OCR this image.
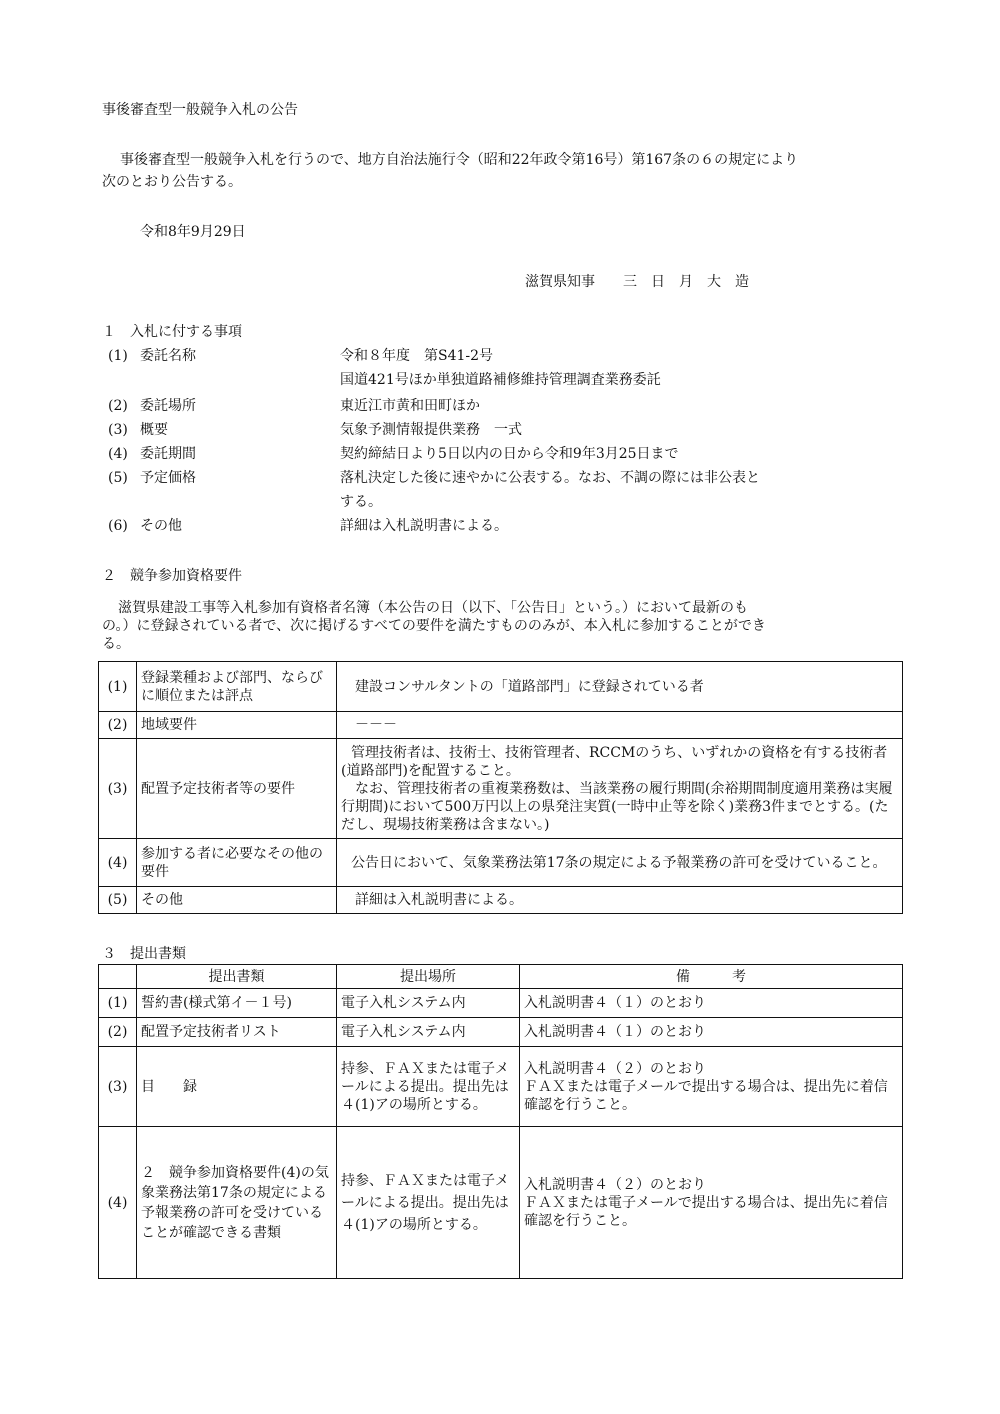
事後審査型一般競争入札の公告
事後審査型一般競争入札を行うので、地方自治法施行令（昭和22年政令第16号）第167条の６の規定により
次のとおり公告する。
令和8年9月29日
滋賀県知事　　三　日　月　大　造
１　入札に付する事項
(1) 委託名称	令和８年度　第S41-2号
国道421号ほか単独道路補修維持管理調査業務委託
(2) 委託場所	東近江市黄和田町ほか
(3) 概要	気象予測情報提供業務　一式
(4) 委託期間	契約締結日より5日以内の日から令和9年3月25日まで
(5) 予定価格	落札決定した後に速やかに公表する。なお、不調の際には非公表と
する。
(6) その他	詳細は入札説明書による。
２　競争参加資格要件
滋賀県建設工事等入札参加有資格者名簿（本公告の日（以下、「公告日」という。）において最新のも
の。）に登録されている者で、次に掲げるすべての要件を満たすもののみが、本入札に参加することができ
る。
(1)	登録業種および部門、ならびに順位または評点	建設コンサルタントの「道路部門」に登録されている者
(2)	地域要件	－－－
(3)	配置予定技術者等の要件	管理技術者は、技術士、技術管理者、RCCMのうち、いずれかの資格を有する技術者(道路部門)を配置すること。
　なお、管理技術者の重複業務数は、当該業務の履行期間(余裕期間制度適用業務は実履行期間)において500万円以上の県発注実質(一時中止等を除く)業務3件までとする。(ただし、現場技術業務は含まない。)
(4)	参加する者に必要なその他の要件	公告日において、気象業務法第17条の規定による予報業務の許可を受けていること。
(5)	その他	詳細は入札説明書による。
３　提出書類
	提出書類	提出場所	備　　　考
(1)	誓約書(様式第イ－１号)	電子入札システム内	入札説明書４（１）のとおり
(2)	配置予定技術者リスト	電子入札システム内	入札説明書４（１）のとおり
(3)	目　　録	持参、ＦＡＸまたは電子メールによる提出。提出先は４(1)アの場所とする。	入札説明書４（２）のとおり
ＦＡＸまたは電子メールで提出する場合は、提出先に着信確認を行うこと。
(4)	２　競争参加資格要件(4)の気象業務法第17条の規定による予報業務の許可を受けていることが確認できる書類	持参、ＦＡＸまたは電子メールによる提出。提出先は４(1)アの場所とする。	入札説明書４（２）のとおり
ＦＡＸまたは電子メールで提出する場合は、提出先に着信確認を行うこと。
